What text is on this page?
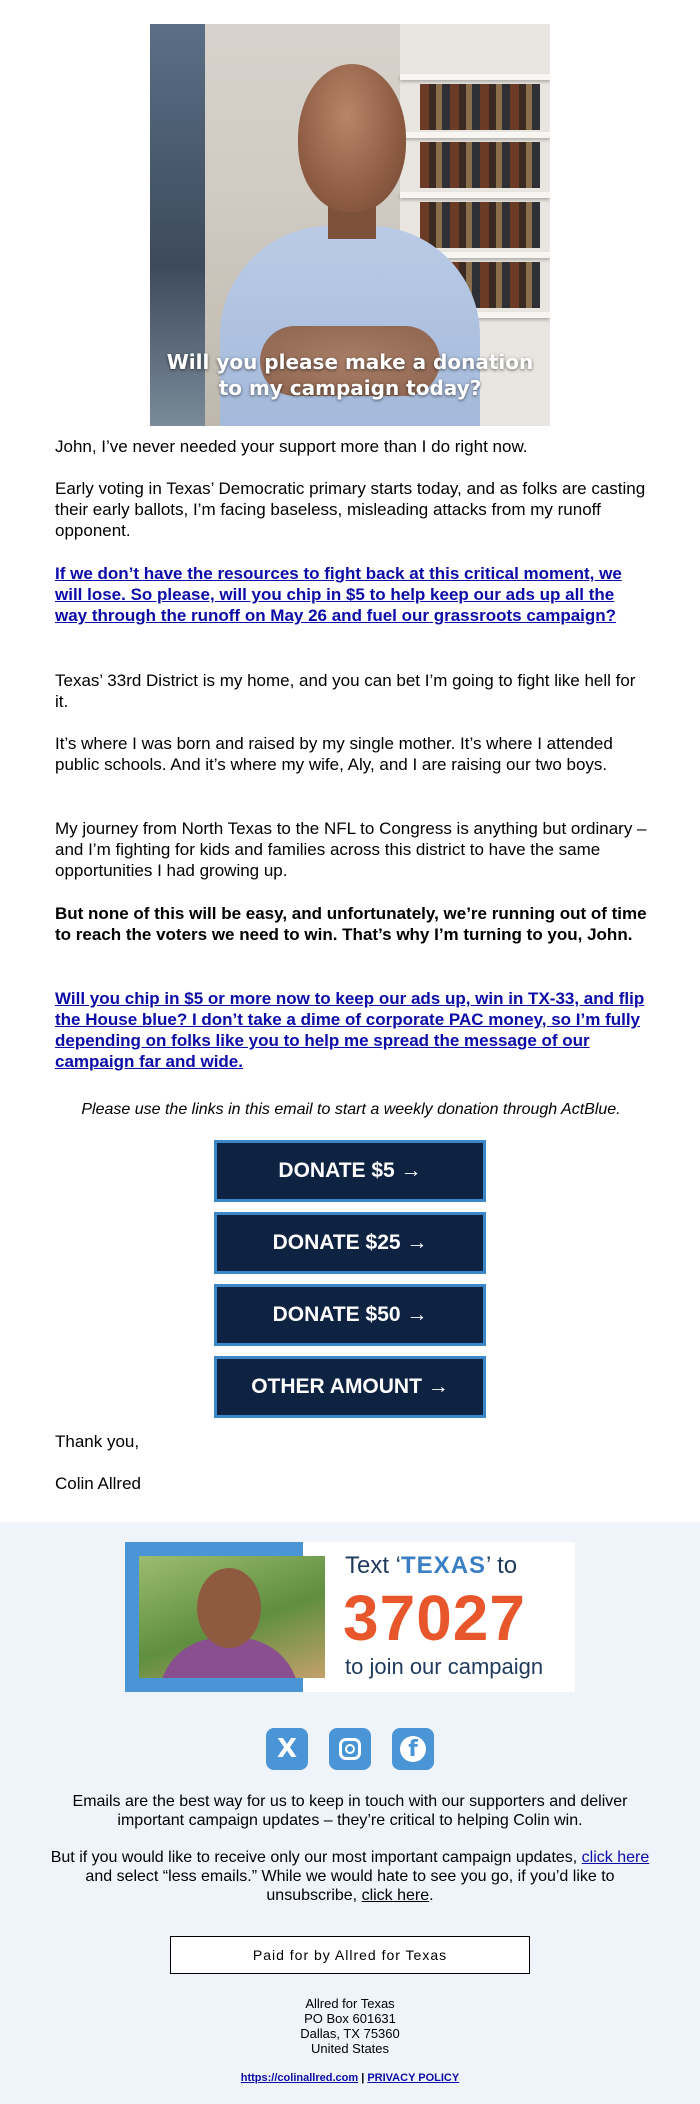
Will you please make a donation
to my campaign today?

John, I’ve never needed your support more than I do right now.

Early voting in Texas’ Democratic primary starts today, and as folks are casting their early ballots, I’m facing baseless, misleading attacks from my runoff opponent.

If we don’t have the resources to fight back at this critical moment, we will lose. So please, will you chip in $5 to help keep our ads up all the way through the runoff on May 26 and fuel our grassroots campaign?

Texas’ 33rd District is my home, and you can bet I’m going to fight like hell for it.

It’s where I was born and raised by my single mother. It’s where I attended public schools. And it’s where my wife, Aly, and I are raising our two boys.

My journey from North Texas to the NFL to Congress is anything but ordinary – and I’m fighting for kids and families across this district to have the same opportunities I had growing up.

But none of this will be easy, and unfortunately, we’re running out of time to reach the voters we need to win. That’s why I’m turning to you, John.

Will you chip in $5 or more now to keep our ads up, win in TX-33, and flip the House blue? I don’t take a dime of corporate PAC money, so I’m fully depending on folks like you to help me spread the message of our campaign far and wide.

Please use the links in this email to start a weekly donation through ActBlue.
DONATE $5 →
DONATE $25 →
DONATE $50 →
OTHER AMOUNT →

Thank you,

Colin Allred

Text ‘TEXAS’ to
37027
to join our campaign
X	f

Emails are the best way for us to keep in touch with our supporters and deliver important campaign updates – they’re critical to helping Colin win.

But if you would like to receive only our most important campaign updates, click here and select “less emails.” While we would hate to see you go, if you’d like to unsubscribe, click here.

Paid for by Allred for Texas
Allred for Texas
PO Box 601631
Dallas, TX 75360
United States
https://colinallred.com | PRIVACY POLICY
